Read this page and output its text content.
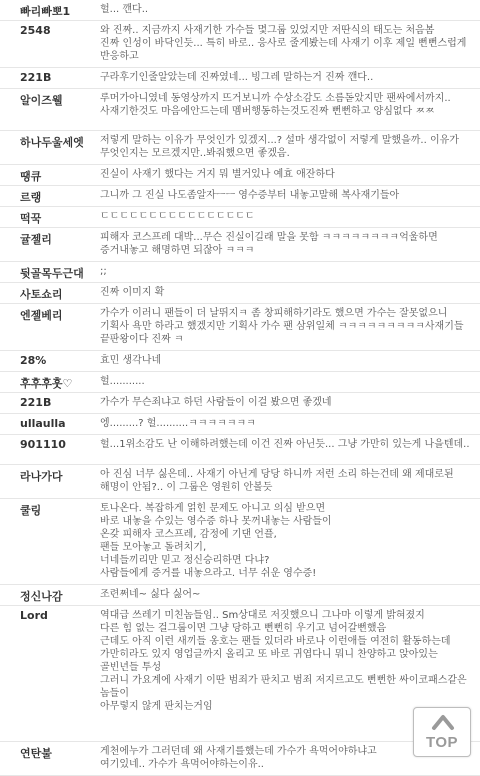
빠리빠뽀1	헐... 깬다..
2548	와 진짜.. 지금까지 사재기한 가수들 몇그룹 있었지만 저딴식의 태도는 처음봄
진짜 인성이 바닥인듯... 특히 바로.. 응사로 줄게봤는데 사재기 이후 제일 뻔뻔스럽게 반응하고
221B	구라후기인줄알았는데 진짜였네... 빙그레 말하는거 진짜 깬다..
알이즈웰	루머가아니였네 동영상까지 뜨거보니까 수상소감도 소름돋았지만 팬싸에서까지.. 사재기한것도 마음에안드는데 멤버행동하는것도진짜 뻔뻔하고 양심없다 ㅉㅉ
하나두울세엣 저렇게 말하는 이유가 무엇인가 있겠지...? 설마 생각없이 저렇게 말했을까.. 이유가 무엇인지는 모르겠지만..봐줘했으면 좋겠음.
땡큐	진실이 사재기 했다는 거지 뭐 별거있나 예효 애잔하다
르랭	그니까 그 진실 나도좀알자ㅡㅡ 영수증부터 내놓고말해 복사재기들아
떡꾹	ㄷㄷㄷㄷㄷㄷㄷㄷㄷㄷㄷㄷㄷㄷㄷㄷ
귤젤리	피해자 코스프레 대박...무슨 진실이길래 말을 못함 ㅋㅋㅋㅋㅋㅋㅋㅋ억울하면 증거내놓고 해명하면 되잖아 ㅋㅋㅋ
뒷골목두근대 ;;
사토쇼리	진짜 이미지 확
엔젤베리	가수가 이러니 팬들이 더 날뛰지ㅋ 좀 창피해하기라도 했으면 가수는 잘못없으니 기획사 욕만 하라고 했겠지만 기획사 가수 팬 삼위일체 ㅋㅋㅋㅋㅋㅋㅋㅋㅋ사재기들 끝판왕이다 진짜 ㅋ
28%	효민 생각나네
후후후훗♡	헐...........
221B	가수가 무슨죄냐고 하던 사람들이 이걸 봤으면 좋겠네
ullaulla	엥.........? 헐..........ㅋㅋㅋㅋㅋㅋㅋ
901110	헐...1위소감도 난 이해하려했는데 이건 진짜 아닌듯... 그냥 가만히 있는게 나을텐데..
라나가다	아 진심 너무 싫은데.. 사재기 아닌게 당당 하니까 저런 소리 하는건데 왜 제대로된 해명이 안됨?.. 이 그룹은 영원히 안볼듯
쿨링	토나온다. 복잡하게 얽힌 문제도 아니고 의심 받으면
바로 내놓을 수있는 영수증 하나 못꺼내놓는 사람들이
온갖 피해자 코스프레, 감정에 기댄 언플,
팬들 모아놓고 돌려치기,
너네들끼리만 믿고 정신승리하면 다냐?
사람들에게 증거를 내놓으라고. 너무 쉬운 영수증!
정신나감	조련쩌네~ 싫다 싫어~
Lord	역대급 쓰레기 미친놈들임.. Sm상대로 저짓했으니 그나마 이렇게 밝혀졌지
다른 힘 없는 걸그룹이면 그냥 당하고 뻔뻔히 우기고 넘어갈뻔했음
근데도 아직 이런 새끼들 옹호는 팬들 있더라 바로나 이런애들 여전히 활동하는데
가만히라도 있지 영업글까지 올리고 또 바로 귀엽다니 뭐니 찬양하고 앉아있는 골빈년들 투성
그러니 가요계에 사재기 이딴 범죄가 판치고 범죄 저지르고도 뻔뻔한 싸이코패스같은 놈들이
아무렇지 않게 판치는거임
연탄불	게천에누가 그러던데 왜 사재기를했는데 가수가 욕먹어야하냐고
여기있네.. 가수가 욕먹어야하는이유..
TOP
